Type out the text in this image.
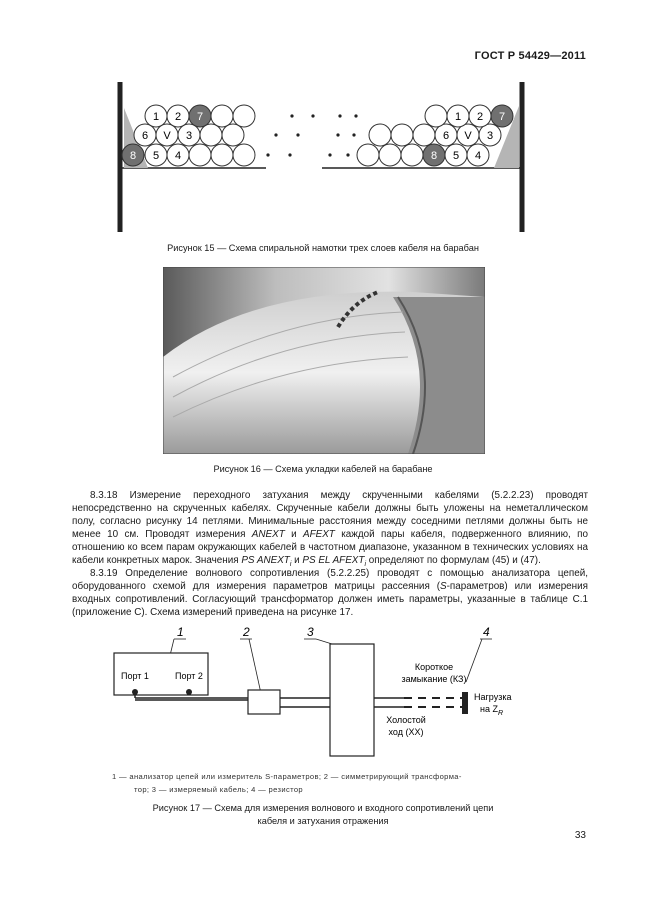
ГОСТ Р 54429—2011
1 2 7
6 V 3
8 5 4
1 2 7
6 V 3
8 5 4
Рисунок 15 — Схема спиральной намотки трех слоев кабеля на барабан
Рисунок 16 — Схема укладки кабелей на барабане

8.3.18 Измерение переходного затухания между скрученными кабелями (5.2.2.23) проводят непосредственно на скрученных кабелях. Скрученные кабели должны быть уложены на неметаллическом полу, согласно рисунку 14 петлями. Минимальные расстояния между соседними петлями должны быть не менее 10 см. Проводят измерения ANEXT и AFEXT каждой пары кабеля, подверженного влиянию, по отношению ко всем парам окружающих кабелей в частотном диапазоне, указанном в технических условиях на кабели конкретных марок. Значения PS $ANEXT_i$ и PS EL $AFEXT_i$ определяют по формулам (45) и (47).

8.3.19 Определение волнового сопротивления (5.2.2.25) проводят с помощью анализатора цепей, оборудованного схемой для измерения параметров матрицы рассеяния (S-параметров) или измерения входных сопротивлений. Согласующий трансформатор должен иметь параметры, указанные в таблице С.1 (приложение С). Схема измерений приведена на рисунке 17.

1	2	3	4
Порт 1	Порт 2
Короткое
замыкание (КЗ)
Холостой
ход (ХХ)
Нагрузка
на $Z_R$
1 — анализатор цепей или измеритель S-параметров; 2 — симметрирующий трансформа-
тор; 3 — измеряемый кабель; 4 — резистор
Рисунок 17 — Схема для измерения волнового и входного сопротивлений цепи
кабеля и затухания отражения
33
